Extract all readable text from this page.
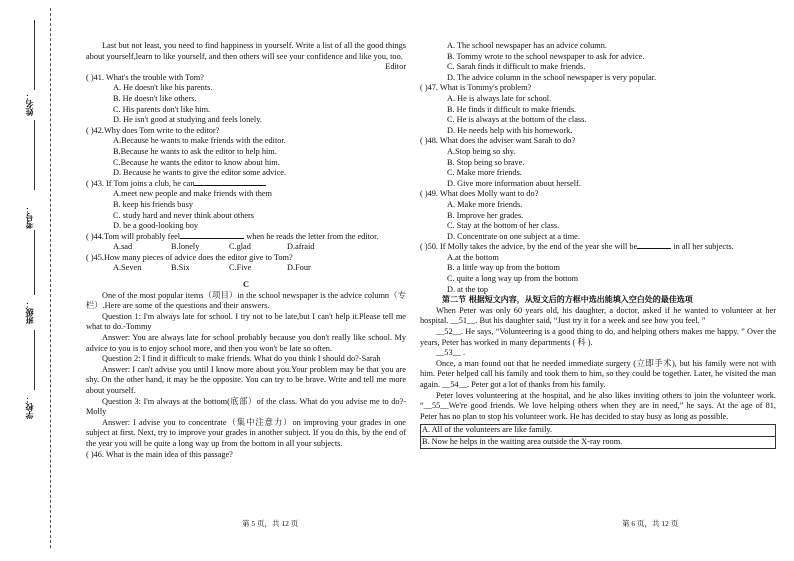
姓名：
考号：
班级：
学校：

Last but not least, you need to find happiness in yourself. Write a list of all the good things about yourself,learn to like yourself, and then others will see your confidence and like you, too.

Editor

( )41. What's the trouble with Tom?

A. He doesn't like his parents.

B. He doesn't like others.

C. His parents don't like him.

D. He isn't good at studying and feels lonely.

( )42.Why does Tom write to the editor?

A.Because he wants to make friends with the editor.

B.Because he wants to ask the editor to help him.

C.Because he wants the editor to know about him.

D. Because he wants to give the editor some advice.

( )43. If Tom joins a club, he can

A.meet new people and make friends with them

B. keep his friends busy

C. study hard and never think about others

D. be a good-looking boy

( )44.Tom will probably feel	when he reads the letter from the editor.

A.sad	B.lonely	C.glad	D.afraid

( )45.How many pieces of advice does the editor give to Tom?

A.Seven	B.Six	C.Five	D.Four

C

One of the most popular items（项目）in the school newspaper is the advice column（专栏）.Here are some of the questions and their answers.

Question 1: I'm always late for school. I try not to be late,but I can't help it.Please tell me what to do.-Tommy

Answer: You are always late for school probably because you don't really like school. My advice to you is to enjoy school more, and then you won't be late so often.

Question 2: I find it difficult to make friends. What do you think I should do?-Sarah

Answer: I can't advise you until I know more about you.Your problem may be that you are shy. On the other hand, it may be the opposite. You can try to be brave. Write and tell me more about yourself.

Question 3: I'm always at the bottom(底部）of the class. What do you advise me to do?-Molly

Answer: I advise you to concentrate（集中注意力）on improving your grades in one subject at first. Next, try to improve your grades in another subject. If you do this, by the end of the year you will be quite a long way up from the bottom in all your subjects.

( )46. What is the main idea of this passage?

第 5 页，共 12 页

A. The school newspaper has an advice column.

B. Tommy wrote to the school newspaper to ask for advice.

C. Sarah finds it difficult to make friends.

D. The advice column in the school newspaper is very popular.

( )47. What is Tommy's problem?

A. He is always late for school.

B. He finds it difficult to make friends.

C. He is always at the bottom of the class.

D. He needs help with his homework.

( )48. What does the adviser want Sarah to do?

A.Stop being so shy.

B. Stop being so brave.

C. Make more friends.

D. Give more information about herself.

( )49. What does Molly want to do?

A. Make more friends.

B. Improve her grades.

C. Stay at the bottom of her class.

D. Concentrate on one subject at a time.

( )50. If Molly takes the advice, by the end of the year she will be	in all her subjects.

A.at the bottom

B. a little way up from the bottom

C. quite a long way up from the bottom

D. at the top

第二节 根据短文内容，从短文后的方框中选出能填入空白处的最佳选项

When Peter was only 60 years old, his daughter, a doctor, asked if he wanted to volunteer at her hospital. __51__. But his daughter said, “Just try it for a week and see how you feel. ”

__52__. He says, “Volunteering is a good thing to do, and helping others makes me happy. ” Over the years, Peter has worked in many departments ( 科 ).

__53__ .

Once, a man found out that he needed immediate surgery (立即手术), but his family were not with him. Peter helped call his family and took them to him, so they could be together. Later, he visited the man again. __54__. Peter got a lot of thanks from his family.

Peter loves volunteering at the hospital, and he also likes inviting others to join the volunteer work. “__55__We're good friends. We love helping others when they are in need,” he says. At the age of 81, Peter has no plan to stop his volunteer work. He has decided to stay busy as long as possible.

A. All of the volunteers are like family.

B. Now he helps in the waiting area outside the X-ray room.

第 6 页，共 12 页
